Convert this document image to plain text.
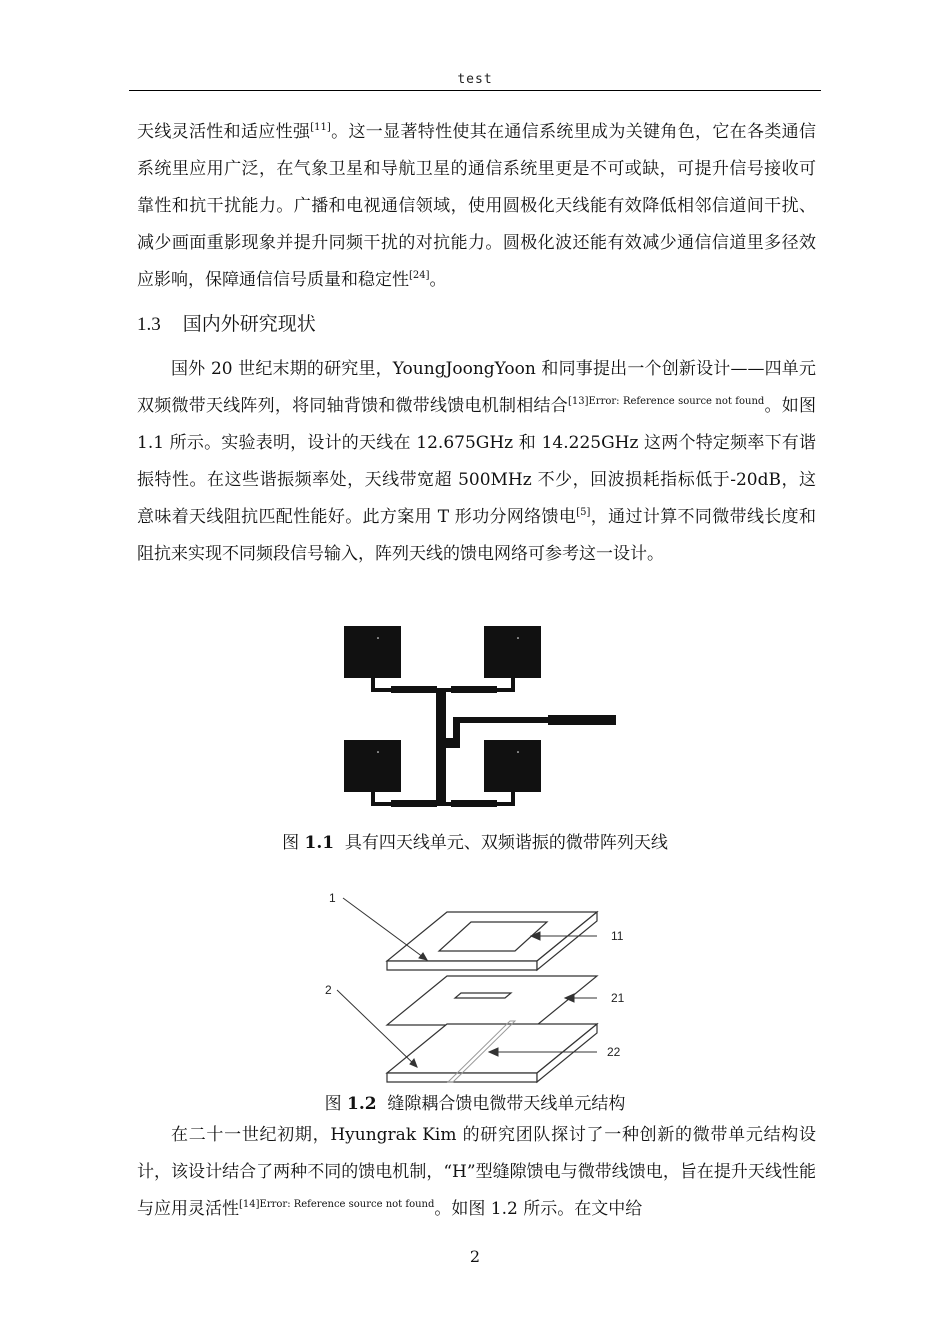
test
天线灵活性和适应性强[11]。这一显著特性使其在通信系统里成为关键角色，它在各类通信系统里应用广泛，在气象卫星和导航卫星的通信系统里更是不可或缺，可提升信号接收可靠性和抗干扰能力。广播和电视通信领域，使用圆极化天线能有效降低相邻信道间干扰、减少画面重影现象并提升同频干扰的对抗能力。圆极化波还能有效减少通信信道里多径效应影响，保障通信信号质量和稳定性[24]。
1.3 国内外研究现状
国外 20 世纪末期的研究里，YoungJoongYoon 和同事提出一个创新设计——四单元双频微带天线阵列，将同轴背馈和微带线馈电机制相结合$^{[13]Error: Reference source not found}$。如图 1.1 所示。实验表明，设计的天线在 12.675GHz 和 14.225GHz 这两个特定频率下有谐振特性。在这些谐振频率处，天线带宽超 500MHz 不少，回波损耗指标低于-20dB，这意味着天线阻抗匹配性能好。此方案用 T 形功分网络馈电[5]，通过计算不同微带线长度和阻抗来实现不同频段信号输入，阵列天线的馈电网络可参考这一设计。
图 1.1 具有四天线单元、双频谐振的微带阵列天线
1
2
11
21
22
图 1.2 缝隙耦合馈电微带天线单元结构
在二十一世纪初期，Hyungrak Kim 的研究团队探讨了一种创新的微带单元结构设计，该设计结合了两种不同的馈电机制，“H”型缝隙馈电与微带线馈电，旨在提升天线性能与应用灵活性$^{[14]Error: Reference source not found}$。如图 1.2 所示。在文中给
2
